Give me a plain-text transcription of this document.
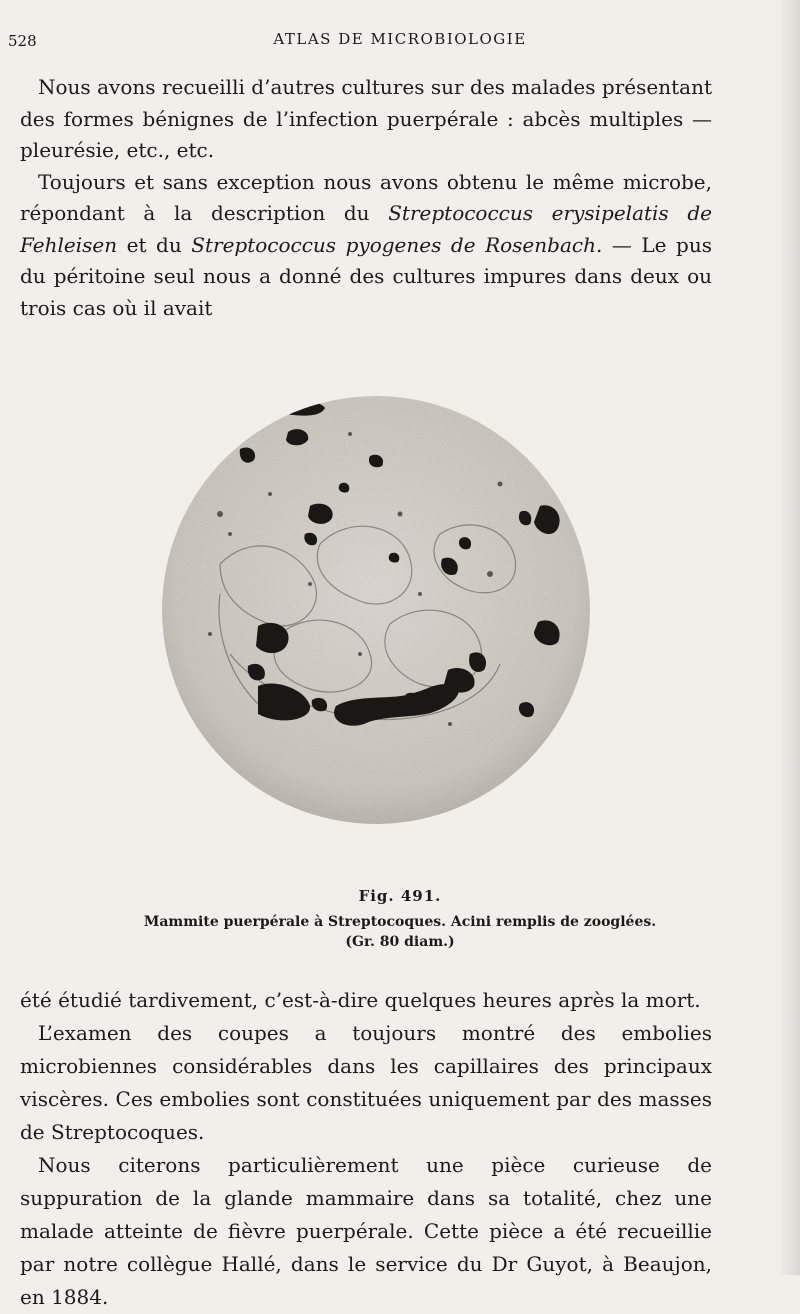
528	ATLAS DE MICROBIOLOGIE

Nous avons recueilli d’autres cultures sur des malades présentant des formes bénignes de l’infection puerpérale : abcès multiples — pleurésie, etc., etc.

Toujours et sans exception nous avons obtenu le même microbe, répondant à la description du Streptococcus erysipelatis de Fehleisen et du Streptococcus pyogenes de Rosenbach. — Le pus du péritoine seul nous a donné des cultures impures dans deux ou trois cas où il avait

Fig. 491.
Mammite puerpérale à Streptocoques. Acini remplis de zooglées.
(Gr. 80 diam.)

été étudié tardivement, c’est-à-dire quelques heures après la mort.

L’examen des coupes a toujours montré des embolies microbiennes considérables dans les capillaires des principaux viscères. Ces embolies sont constituées uniquement par des masses de Streptocoques.

Nous citerons particulièrement une pièce curieuse de suppuration de la glande mammaire dans sa totalité, chez une malade atteinte de fièvre puerpérale. Cette pièce a été recueillie par notre collègue Hallé, dans le service du Dr Guyot, à Beaujon, en 1884.
